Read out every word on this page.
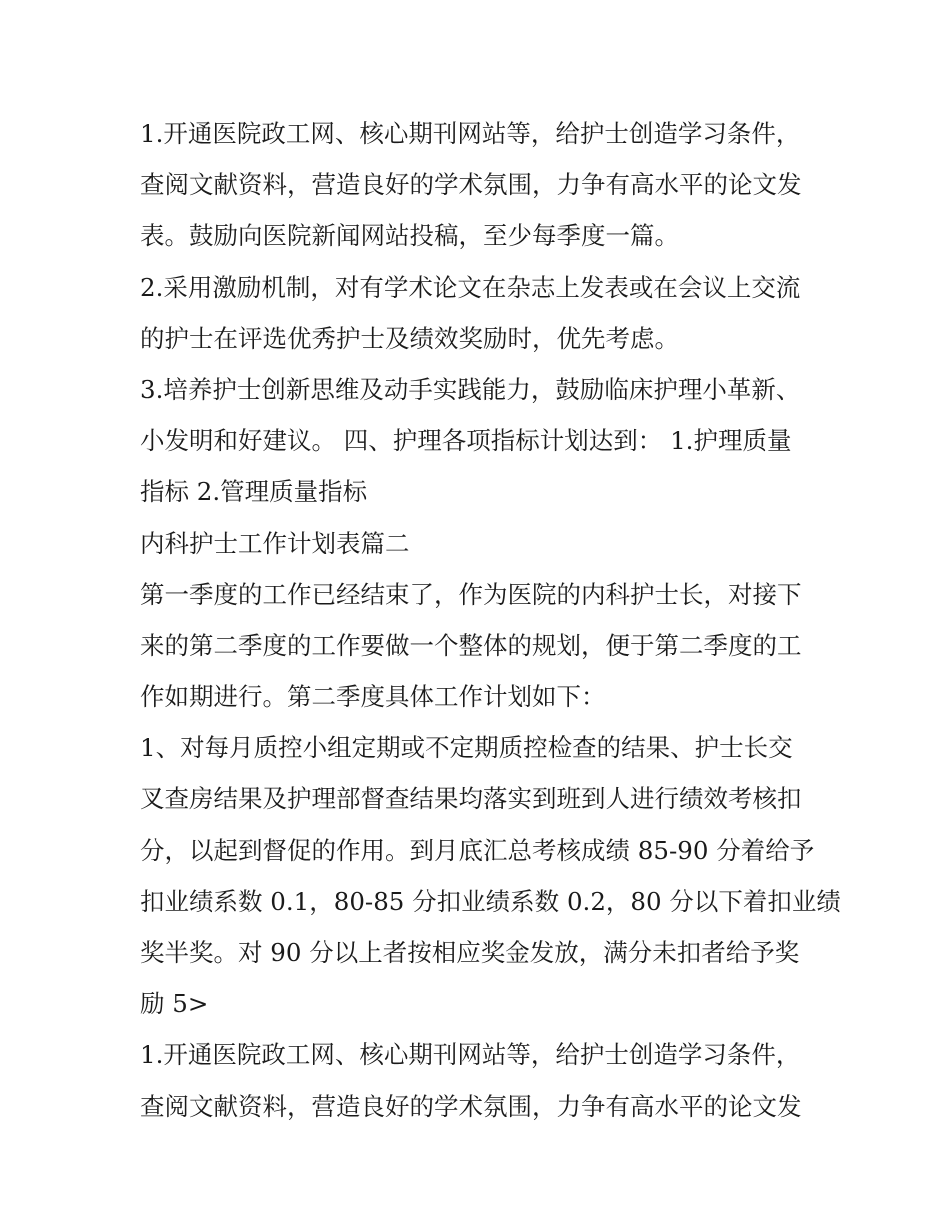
1.开通医院政工网、核心期刊网站等，给护士创造学习条件，
查阅文献资料，营造良好的学术氛围，力争有高水平的论文发
表。鼓励向医院新闻网站投稿，至少每季度一篇。
2.采用激励机制，对有学术论文在杂志上发表或在会议上交流
的护士在评选优秀护士及绩效奖励时，优先考虑。
3.培养护士创新思维及动手实践能力，鼓励临床护理小革新、
小发明和好建议。 四、护理各项指标计划达到： 1.护理质量
指标 2.管理质量指标
内科护士工作计划表篇二
第一季度的工作已经结束了，作为医院的内科护士长，对接下
来的第二季度的工作要做一个整体的规划，便于第二季度的工
作如期进行。第二季度具体工作计划如下：
1、对每月质控小组定期或不定期质控检查的结果、护士长交
叉查房结果及护理部督查结果均落实到班到人进行绩效考核扣
分，以起到督促的作用。到月底汇总考核成绩 85-90 分着给予
扣业绩系数 0.1，80-85 分扣业绩系数 0.2，80 分以下着扣业绩
奖半奖。对 90 分以上者按相应奖金发放，满分未扣者给予奖
励 5>
1.开通医院政工网、核心期刊网站等，给护士创造学习条件，
查阅文献资料，营造良好的学术氛围，力争有高水平的论文发
